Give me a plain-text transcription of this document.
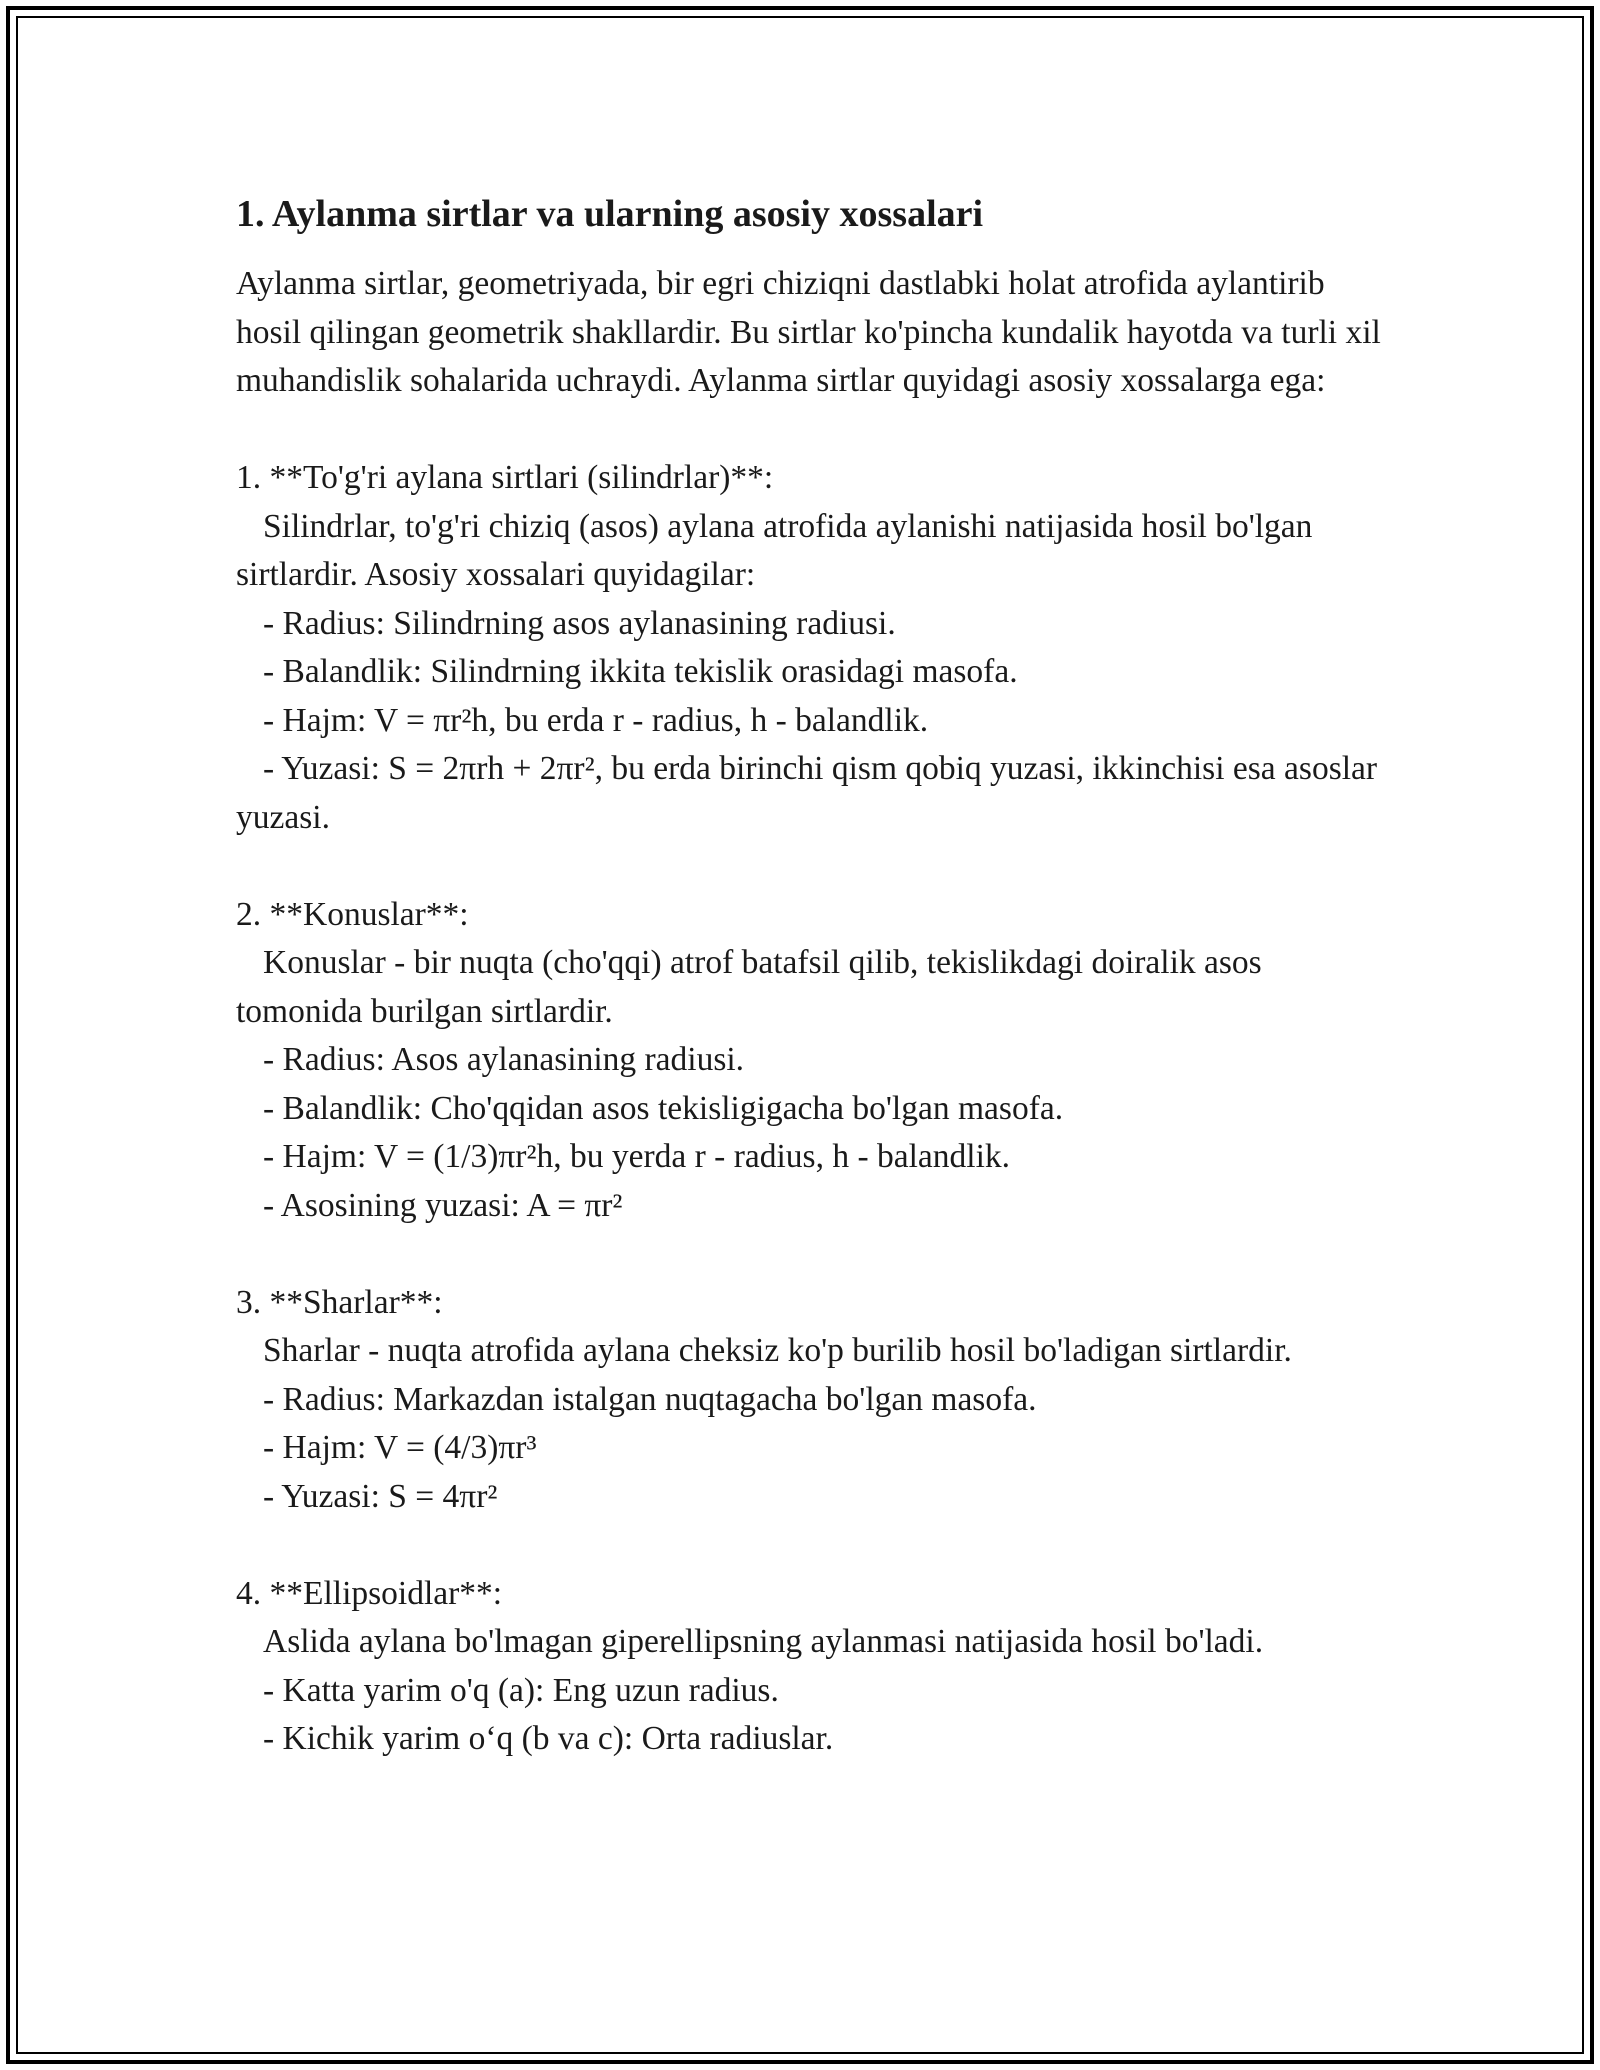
1. Aylanma sirtlar va ularning asosiy xossalari

Aylanma sirtlar, geometriyada, bir egri chiziqni dastlabki holat atrofida aylantirib hosil qilingan geometrik shakllardir. Bu sirtlar ko'pincha kundalik hayotda va turli xil muhandislik sohalarida uchraydi. Aylanma sirtlar quyidagi asosiy xossalarga ega:

1. **To'g'ri aylana sirtlari (silindrlar)**:

Silindrlar, to'g'ri chiziq (asos) aylana atrofida aylanishi natijasida hosil bo'lgan sirtlardir. Asosiy xossalari quyidagilar:

- Radius: Silindrning asos aylanasining radiusi.

- Balandlik: Silindrning ikkita tekislik orasidagi masofa.

- Hajm: V = πr²h, bu erda r - radius, h - balandlik.

- Yuzasi: S = 2πrh + 2πr², bu erda birinchi qism qobiq yuzasi, ikkinchisi esa asoslar yuzasi.

2. **Konuslar**:

Konuslar - bir nuqta (cho'qqi) atrof batafsil qilib, tekislikdagi doiralik asos tomonida burilgan sirtlardir.

- Radius: Asos aylanasining radiusi.

- Balandlik: Cho'qqidan asos tekisligigacha bo'lgan masofa.

- Hajm: V = (1/3)πr²h, bu yerda r - radius, h - balandlik.

- Asosining yuzasi: A = πr²

3. **Sharlar**:

Sharlar - nuqta atrofida aylana cheksiz ko'p burilib hosil bo'ladigan sirtlardir.

- Radius: Markazdan istalgan nuqtagacha bo'lgan masofa.

- Hajm: V = (4/3)πr³

- Yuzasi: S = 4πr²

4. **Ellipsoidlar**:

Aslida aylana bo'lmagan giperellipsning aylanmasi natijasida hosil bo'ladi.

- Katta yarim o'q (a): Eng uzun radius.

- Kichik yarim o‘q (b va c): Orta radiuslar.
